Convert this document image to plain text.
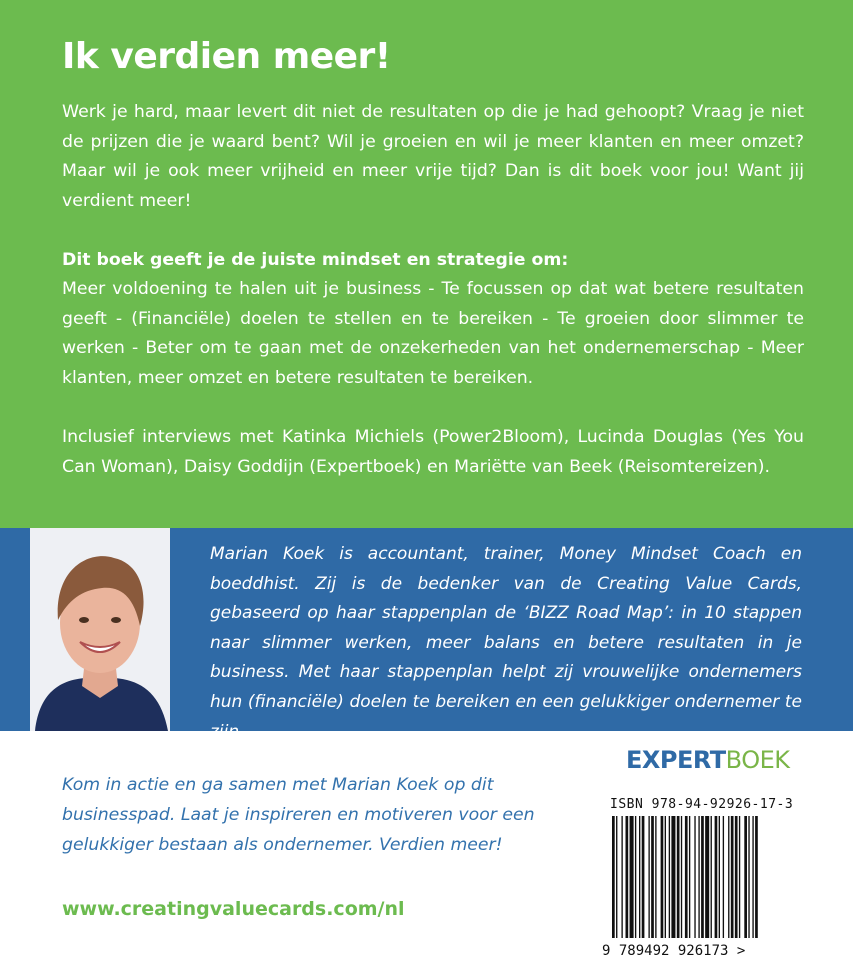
Ik verdien meer!

Werk je hard, maar levert dit niet de resultaten op die je had gehoopt? Vraag je niet de prijzen die je waard bent? Wil je groeien en wil je meer klanten en meer omzet? Maar wil je ook meer vrijheid en meer vrije tijd? Dan is dit boek voor jou! Want jij verdient meer!

Dit boek geeft je de juiste mindset en strategie om:

Meer voldoening te halen uit je business - Te focussen op dat wat betere resultaten geeft - (Financiële) doelen te stellen en te bereiken - Te groeien door slimmer te werken - Beter om te gaan met de onzekerheden van het ondernemerschap - Meer klanten, meer omzet en betere resultaten te bereiken.

Inclusief interviews met Katinka Michiels (Power2Bloom), Lucinda Douglas (Yes You Can Woman), Daisy Goddijn (Expertboek) en Mariëtte van Beek (Reisomtereizen).

Marian Koek is accountant, trainer, Money Mindset Coach en boeddhist. Zij is de bedenker van de Creating Value Cards, gebaseerd op haar stappenplan de ‘BIZZ Road Map’: in 10 stappen naar slimmer werken, meer balans en betere resultaten in je business. Met haar stappenplan helpt zij vrouwelijke ondernemers hun (financiële) doelen te bereiken en een gelukkiger ondernemer te zijn.

Kom in actie en ga samen met Marian Koek op dit businesspad. Laat je inspireren en motiveren voor een gelukkiger bestaan als ondernemer. Verdien meer!

www.creatingvaluecards.com/nl

EXPERT BOEK

ISBN 978-94-92926-17-3

9 789492 926173 >
